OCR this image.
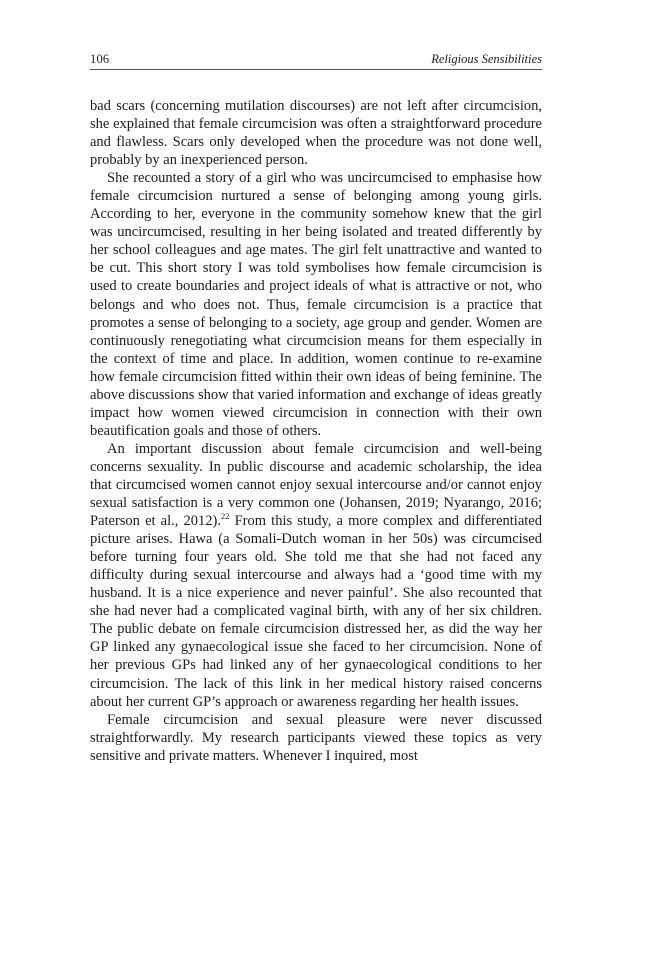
106	Religious Sensibilities

bad scars (concerning mutilation discourses) are not left after circumcision, she explained that female circumcision was often a straightforward procedure and flawless. Scars only developed when the procedure was not done well, probably by an inexperienced person.

She recounted a story of a girl who was uncircumcised to emphasise how female circumcision nurtured a sense of belonging among young girls. According to her, everyone in the community somehow knew that the girl was uncircumcised, resulting in her being isolated and treated differently by her school colleagues and age mates. The girl felt unattractive and wanted to be cut. This short story I was told symbolises how female circumcision is used to create boundaries and project ideals of what is attractive or not, who belongs and who does not. Thus, female circumcision is a practice that promotes a sense of belonging to a society, age group and gender. Women are continuously renegotiating what circumcision means for them especially in the context of time and place. In addition, women continue to re-examine how female circumcision fitted within their own ideas of being feminine. The above discussions show that varied information and exchange of ideas greatly impact how women viewed circumcision in connection with their own beautification goals and those of others.

An important discussion about female circumcision and well-being concerns sexuality. In public discourse and academic scholarship, the idea that circumcised women cannot enjoy sexual intercourse and/or cannot enjoy sexual satisfaction is a very common one (Johansen, 2019; Nyarango, 2016; Paterson et al., 2012).$^{22}$ From this study, a more complex and differentiated picture arises. Hawa (a Somali-Dutch woman in her 50s) was circumcised before turning four years old. She told me that she had not faced any difficulty during sexual intercourse and always had a ‘good time with my husband. It is a nice experience and never painful’. She also recounted that she had never had a complicated vaginal birth, with any of her six children. The public debate on female circumcision distressed her, as did the way her GP linked any gynaecological issue she faced to her circumcision. None of her previous GPs had linked any of her gynaecological conditions to her circumcision. The lack of this link in her medical history raised concerns about her current GP’s approach or awareness regarding her health issues.

Female circumcision and sexual pleasure were never discussed straightforwardly. My research participants viewed these topics as very sensitive and private matters. Whenever I inquired, most
